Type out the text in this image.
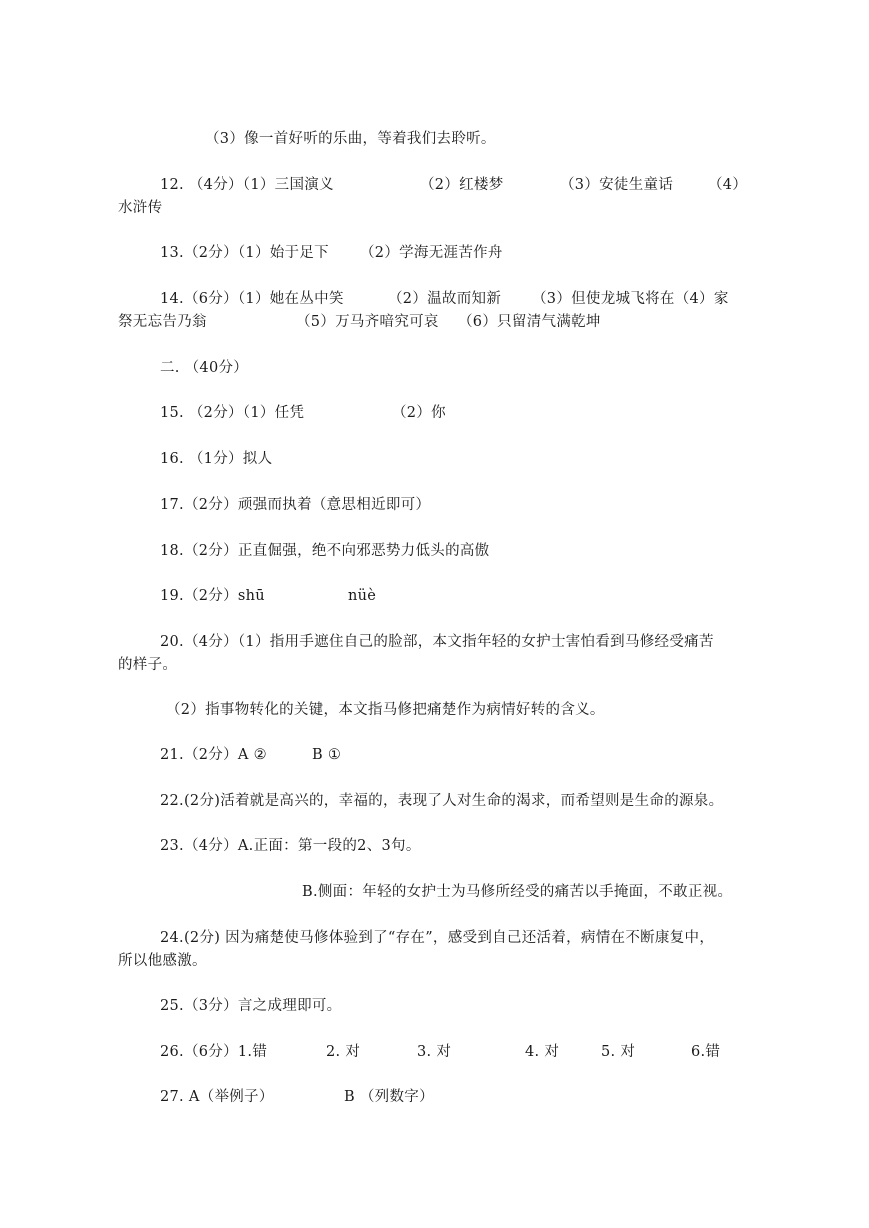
（3）像一首好听的乐曲，等着我们去聆听。

12. （4分）（1）三国演义

	（2）红楼梦

	（3）安徒生童话

（4）

水浒传

13.（2分）（1）始于足下

（2）学海无涯苦作舟

14.（6分）（1）她在丛中笑

	（2）温故而知新

（3）但使龙城飞将在（4）家

祭无忘告乃翁

	（5）万马齐喑究可哀

（6）只留清气满乾坤

二. （40分）

15. （2分）（1）任凭

	（2）你

16. （1分）拟人

17.（2分）顽强而执着（意思相近即可）

18.（2分）正直倔强，绝不向邪恶势力低头的高傲

19.（2分）shū

	nüè

20.（4分）（1）指用手遮住自己的脸部，本文指年轻的女护士害怕看到马修经受痛苦

的样子。

（2）指事物转化的关键，本文指马修把痛楚作为病情好转的含义。

21.（2分）A ②

	B ①

22.(2分)活着就是高兴的，幸福的，表现了人对生命的渴求，而希望则是生命的源泉。

23.（4分）A.正面：第一段的2、3句。

B.侧面：年轻的女护士为马修所经受的痛苦以手掩面，不敢正视。

24.(2分) 因为痛楚使马修体验到了“存在”，感受到自己还活着，病情在不断康复中，

所以他感激。

25.（3分）言之成理即可。

26.（6分）1.错

	2. 对

	3. 对

	4. 对

	5. 对

	6.错

27. A（举例子）

	B （列数字）
